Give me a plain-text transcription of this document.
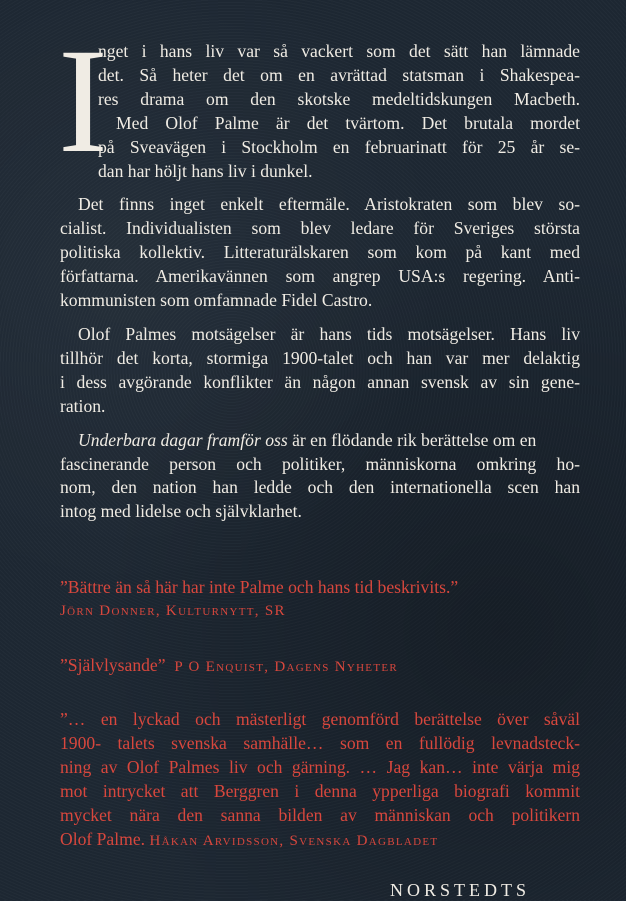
I
nget i hans liv var så vackert som det sätt han lämnade
det. Så heter det om en avrättad statsman i Shakespea-
res drama om den skotske medeltidskungen Macbeth.
Med Olof Palme är det tvärtom. Det brutala mordet
på Sveavägen i Stockholm en februarinatt för 25 år se-
dan har höljt hans liv i dunkel.
Det finns inget enkelt eftermäle. Aristokraten som blev so-
cialist. Individualisten som blev ledare för Sveriges största
politiska kollektiv. Litteraturälskaren som kom på kant med
författarna. Amerikavännen som angrep USA:s regering. Anti-
kommunisten som omfamnade Fidel Castro.
Olof Palmes motsägelser är hans tids motsägelser. Hans liv
tillhör det korta, stormiga 1900-talet och han var mer delaktig
i dess avgörande konflikter än någon annan svensk av sin gene-
ration.
Underbara dagar framför oss är en flödande rik berättelse om en
fascinerande person och politiker, människorna omkring ho-
nom, den nation han ledde och den internationella scen han
intog med lidelse och självklarhet.
”Bättre än så här har inte Palme och hans tid beskrivits.”
Jörn Donner, Kulturnytt, SR
”Självlysande” P O Enquist, Dagens Nyheter
”… en lyckad och mästerligt genomförd berättelse över såväl
1900- talets svenska samhälle… som en fullödig levnadsteck-
ning av Olof Palmes liv och gärning. … Jag kan… inte värja mig
mot intrycket att Berggren i denna ypperliga biografi kommit
mycket nära den sanna bilden av människan och politikern
Olof Palme. Håkan Arvidsson, Svenska Dagbladet
NORSTEDTS
